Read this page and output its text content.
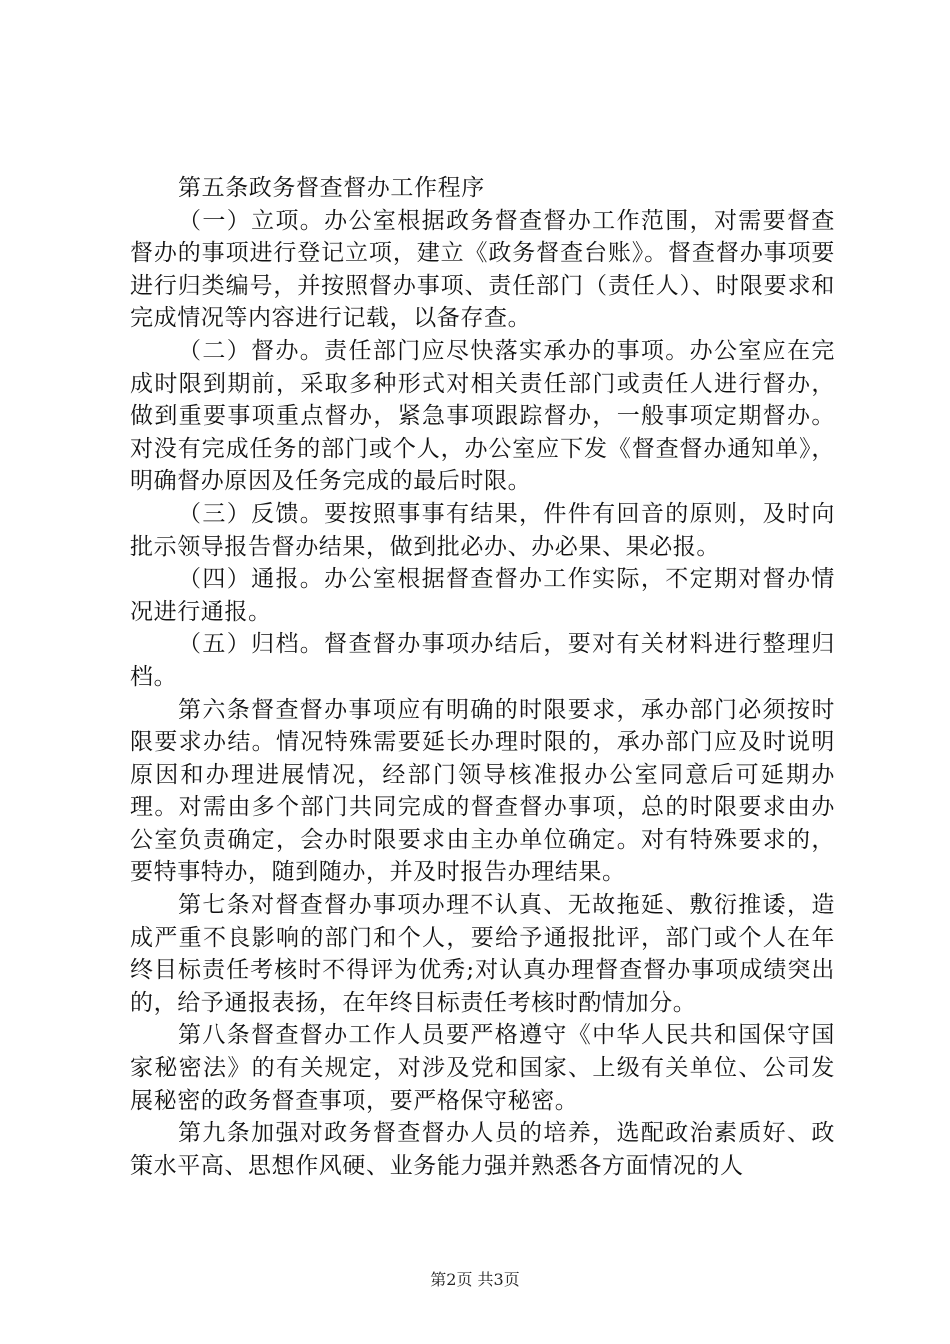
第五条政务督查督办工作程序

（一）立项。办公室根据政务督查督办工作范围，对需要督查督办的事项进行登记立项，建立《政务督查台账》。督查督办事项要进行归类编号，并按照督办事项、责任部门（责任人）、时限要求和完成情况等内容进行记载，以备存查。

（二）督办。责任部门应尽快落实承办的事项。办公室应在完成时限到期前，采取多种形式对相关责任部门或责任人进行督办，做到重要事项重点督办，紧急事项跟踪督办，一般事项定期督办。对没有完成任务的部门或个人，办公室应下发《督查督办通知单》，明确督办原因及任务完成的最后时限。

（三）反馈。要按照事事有结果，件件有回音的原则，及时向批示领导报告督办结果，做到批必办、办必果、果必报。

（四）通报。办公室根据督查督办工作实际，不定期对督办情况进行通报。

（五）归档。督查督办事项办结后，要对有关材料进行整理归档。

第六条督查督办事项应有明确的时限要求，承办部门必须按时限要求办结。情况特殊需要延长办理时限的，承办部门应及时说明原因和办理进展情况，经部门领导核准报办公室同意后可延期办理。对需由多个部门共同完成的督查督办事项，总的时限要求由办公室负责确定，会办时限要求由主办单位确定。对有特殊要求的，要特事特办，随到随办，并及时报告办理结果。

第七条对督查督办事项办理不认真、无故拖延、敷衍推诿，造成严重不良影响的部门和个人，要给予通报批评，部门或个人在年终目标责任考核时不得评为优秀;对认真办理督查督办事项成绩突出的，给予通报表扬，在年终目标责任考核时酌情加分。

第八条督查督办工作人员要严格遵守《中华人民共和国保守国家秘密法》的有关规定，对涉及党和国家、上级有关单位、公司发展秘密的政务督查事项，要严格保守秘密。

第九条加强对政务督查督办人员的培养，选配政治素质好、政策水平高、思想作风硬、业务能力强并熟悉各方面情况的人

第2页 共3页
